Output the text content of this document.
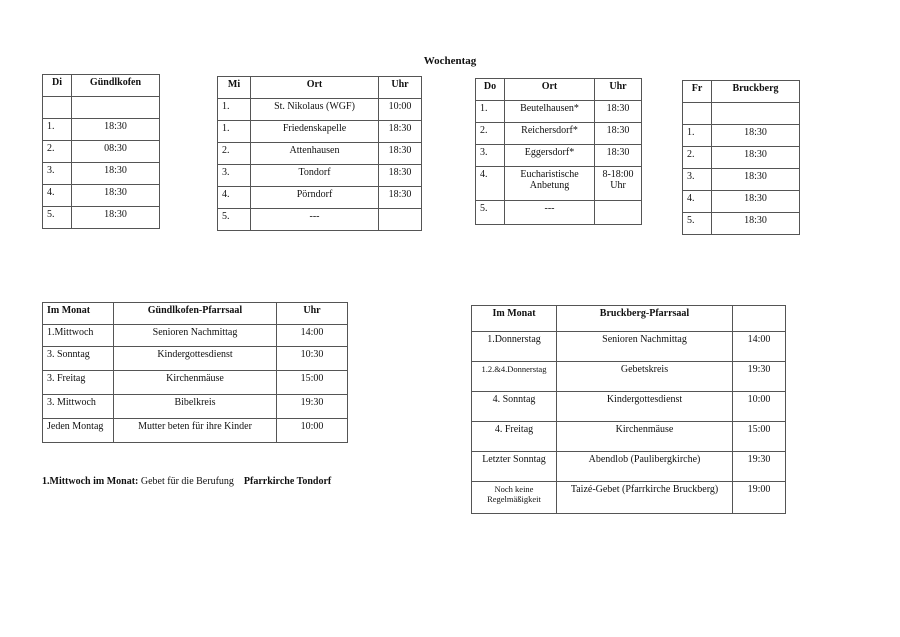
Wochentag
Di	Gündlkofen

1.	18:30
2.	08:30
3.	18:30
4.	18:30
5.	18:30
Mi	Ort	Uhr
1.	St. Nikolaus (WGF)	10:00
1.	Friedenskapelle	18:30
2.	Attenhausen	18:30
3.	Tondorf	18:30
4.	Pörndorf	18:30
5.	---	
Do	Ort	Uhr
1.	Beutelhausen*	18:30
2.	Reichersdorf*	18:30
3.	Eggersdorf*	18:30
4.	Eucharistische Anbetung	8-18:00 Uhr
5.	---	
Fr	Bruckberg

1.	18:30
2.	18:30
3.	18:30
4.	18:30
5.	18:30
Im Monat	Gündlkofen-Pfarrsaal	Uhr
1.Mittwoch	Senioren Nachmittag	14:00
3. Sonntag	Kindergottesdienst	10:30
3. Freitag	Kirchenmäuse	15:00
3. Mittwoch	Bibelkreis	19:30
Jeden Montag	Mutter beten für ihre Kinder	10:00
Im Monat	Bruckberg-Pfarrsaal	
1.Donnerstag	Senioren Nachmittag	14:00
1.2.&4.Donnerstag	Gebetskreis	19:30
4. Sonntag	Kindergottesdienst	10:00
4. Freitag	Kirchenmäuse	15:00
Letzter Sonntag	Abendlob (Paulibergkirche)	19:30
Noch keine Regelmäßigkeit	Taizé-Gebet (Pfarrkirche Bruckberg)	19:00
1.Mittwoch im Monat: Gebet für die Berufung Pfarrkirche Tondorf
